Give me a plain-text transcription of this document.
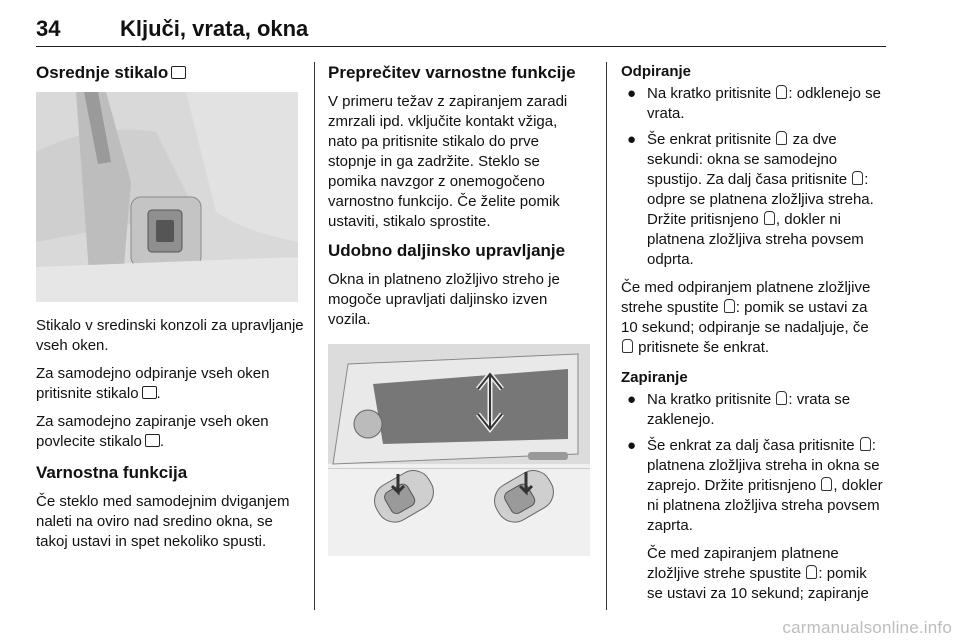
34	Ključi, vrata, okna
Osrednje stikalo

Stikalo v sredinski konzoli za upravljanje vseh oken.

Za samodejno odpiranje vseh oken pritisnite stikalo .

Za samodejno zapiranje vseh oken povlecite stikalo .

Varnostna funkcija

Če steklo med samodejnim dviganjem naleti na oviro nad sredino okna, se takoj ustavi in spet nekoliko spusti.

Preprečitev varnostne funkcije

V primeru težav z zapiranjem zaradi zmrzali ipd. vključite kontakt vžiga, nato pa pritisnite stikalo do prve stopnje in ga zadržite. Steklo se pomika navzgor z onemogočeno varnostno funkcijo. Če želite pomik ustaviti, stikalo sprostite.

Udobno daljinsko upravljanje

Okna in platneno zložljivo streho je mogoče upravljati daljinsko izven vozila.

Odpiranje
● Na kratko pritisnite : odklenejo se vrata.
● Še enkrat pritisnite  za dve sekundi: okna se samodejno spustijo. Za dalj časa pritisnite : odpre se platnena zložljiva streha. Držite pritisnjeno , dokler ni platnena zložljiva streha povsem odprta.

Če med odpiranjem platnene zložljive strehe spustite : pomik se ustavi za 10 sekund; odpiranje se nadaljuje, če  pritisnete še enkrat.

Zapiranje
● Na kratko pritisnite : vrata se zaklenejo.
● Še enkrat za dalj časa pritisnite : platnena zložljiva streha in okna se zaprejo. Držite pritisnjeno , dokler ni platnena zložljiva streha povsem zaprta.
Če med zapiranjem platnene zložljive strehe spustite : pomik se ustavi za 10 sekund; zapiranje
carmanualsonline.info
